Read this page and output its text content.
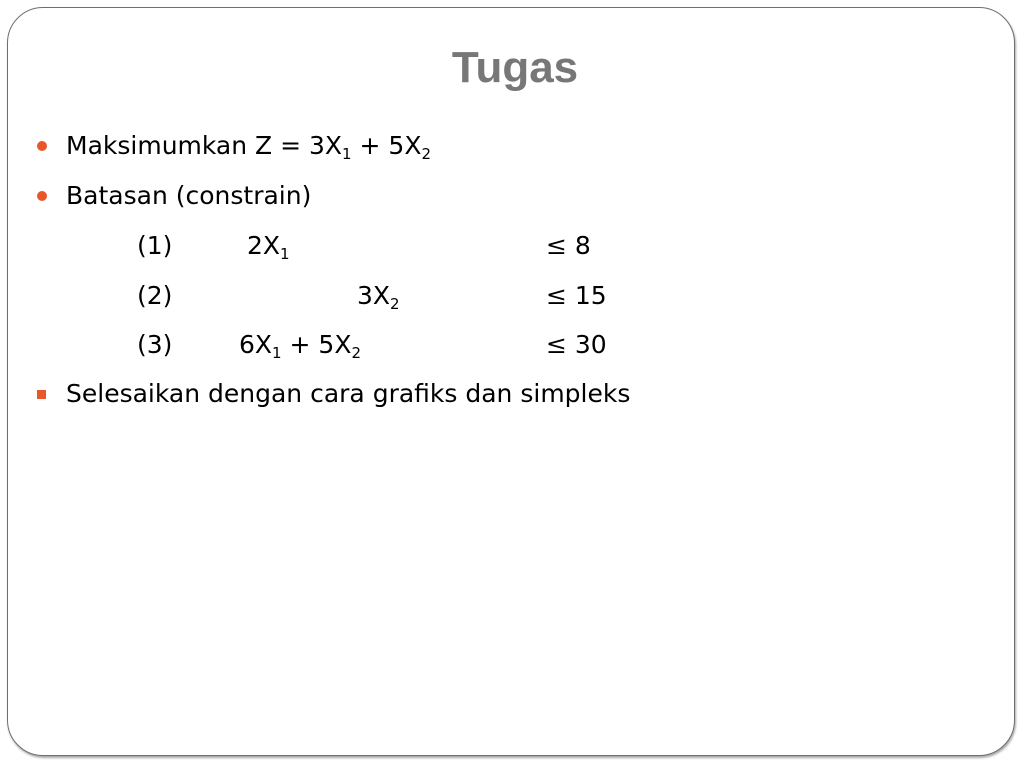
Tugas
Maksimumkan $Z = 3X_1 + 5X_2$
Batasan (constrain)
(1)	$2X_1$	≤ 8
(2)	$3X_2$	≤ 15
(3)	$6X_1 + 5X_2$	≤ 30
Selesaikan dengan cara grafiks dan simpleks
